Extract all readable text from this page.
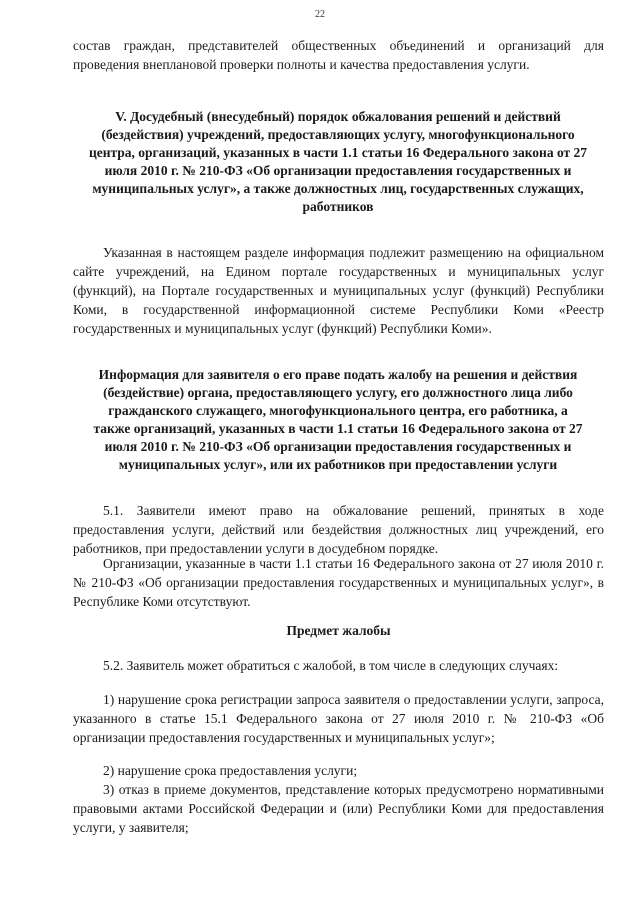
22
состав граждан, представителей общественных объединений и организаций для проведения внеплановой проверки полноты и качества предоставления услуги.
V. Досудебный (внесудебный) порядок обжалования решений и действий (бездействия) учреждений, предоставляющих услугу, многофункционального центра, организаций, указанных в части 1.1 статьи 16 Федерального закона от 27 июля 2010 г. № 210-ФЗ «Об организации предоставления государственных и муниципальных услуг», а также должностных лиц, государственных служащих, работников
Указанная в настоящем разделе информация подлежит размещению на официальном сайте учреждений, на Едином портале государственных и муниципальных услуг (функций), на Портале государственных и муниципальных услуг (функций) Республики Коми, в государственной информационной системе Республики Коми «Реестр государственных и муниципальных услуг (функций) Республики Коми».
Информация для заявителя о его праве подать жалобу на решения и действия (бездействие) органа, предоставляющего услугу, его должностного лица либо гражданского служащего, многофункционального центра, его работника, а также организаций, указанных в части 1.1 статьи 16 Федерального закона от 27 июля 2010 г. № 210-ФЗ «Об организации предоставления государственных и муниципальных услуг», или их работников при предоставлении услуги
5.1. Заявители имеют право на обжалование решений, принятых в ходе предоставления услуги, действий или бездействия должностных лиц учреждений, его работников, при предоставлении услуги в досудебном порядке.
Организации, указанные в части 1.1 статьи 16 Федерального закона от 27 июля 2010 г. № 210-ФЗ «Об организации предоставления государственных и муниципальных услуг», в Республике Коми отсутствуют.
Предмет жалобы
5.2. Заявитель может обратиться с жалобой, в том числе в следующих случаях:
1) нарушение срока регистрации запроса заявителя о предоставлении услуги, запроса, указанного в статье 15.1 Федерального закона от 27 июля 2010 г. № 210-ФЗ «Об организации предоставления государственных и муниципальных услуг»;
2) нарушение срока предоставления услуги;
3) отказ в приеме документов, представление которых предусмотрено нормативными правовыми актами Российской Федерации и (или) Республики Коми для предоставления услуги, у заявителя;
